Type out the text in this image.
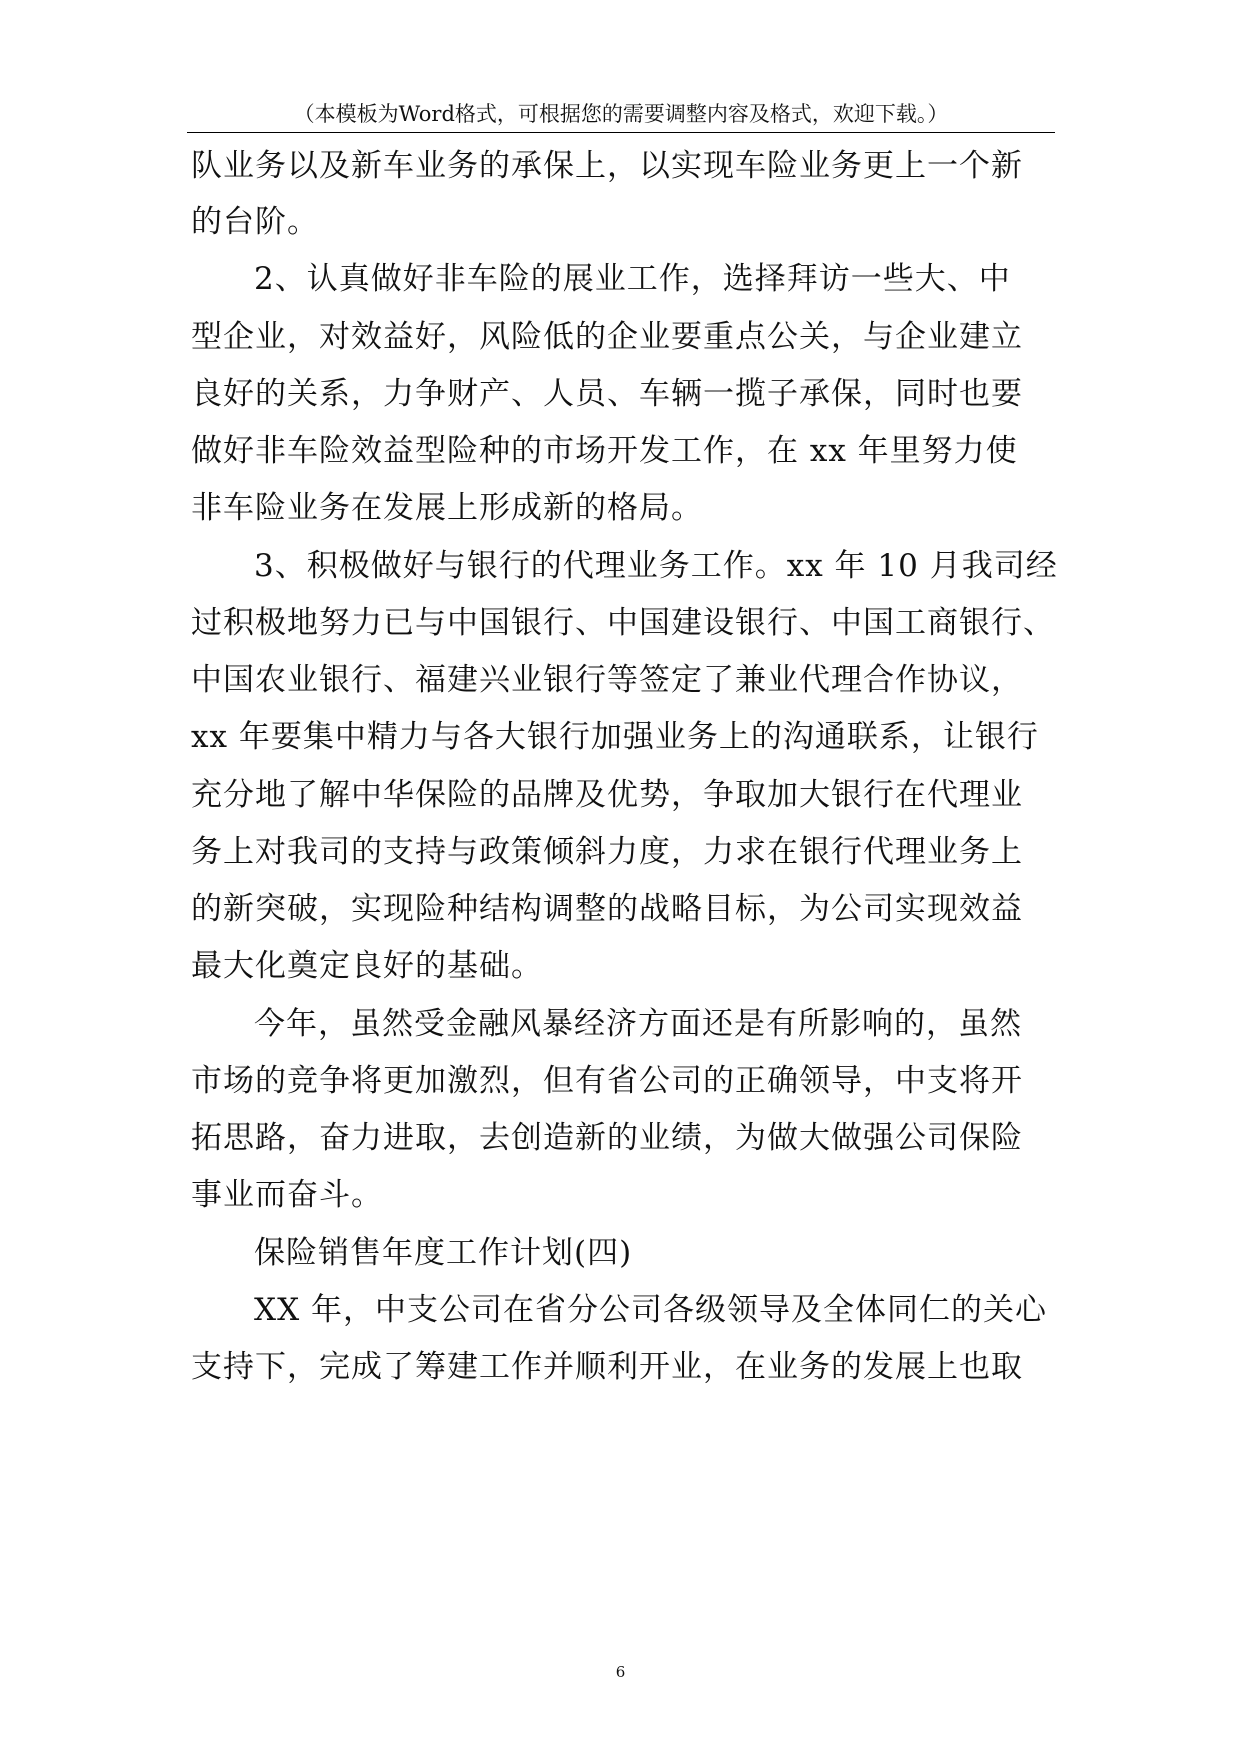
（本模板为Word格式，可根据您的需要调整内容及格式，欢迎下载。）
队业务以及新车业务的承保上，以实现车险业务更上一个新
的台阶。
2、认真做好非车险的展业工作，选择拜访一些大、中
型企业，对效益好，风险低的企业要重点公关，与企业建立
良好的关系，力争财产、人员、车辆一揽子承保，同时也要
做好非车险效益型险种的市场开发工作，在 xx 年里努力使
非车险业务在发展上形成新的格局。
3、积极做好与银行的代理业务工作。xx 年 10 月我司经
过积极地努力已与中国银行、中国建设银行、中国工商银行、
中国农业银行、福建兴业银行等签定了兼业代理合作协议，
xx 年要集中精力与各大银行加强业务上的沟通联系，让银行
充分地了解中华保险的品牌及优势，争取加大银行在代理业
务上对我司的支持与政策倾斜力度，力求在银行代理业务上
的新突破，实现险种结构调整的战略目标，为公司实现效益
最大化奠定良好的基础。
今年，虽然受金融风暴经济方面还是有所影响的，虽然
市场的竞争将更加激烈，但有省公司的正确领导，中支将开
拓思路，奋力进取，去创造新的业绩，为做大做强公司保险
事业而奋斗。
保险销售年度工作计划(四)
XX 年，中支公司在省分公司各级领导及全体同仁的关心
支持下，完成了筹建工作并顺利开业，在业务的发展上也取
6
